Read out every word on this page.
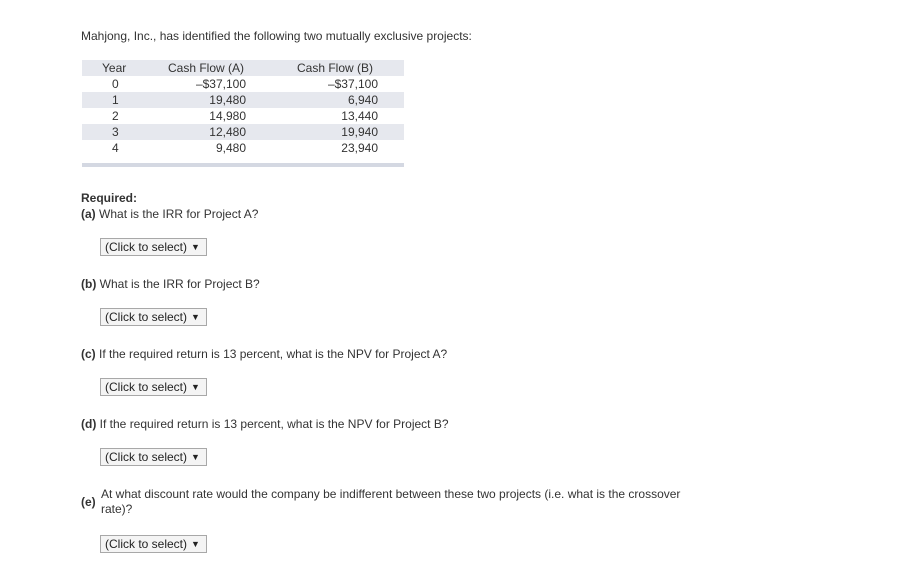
Mahjong, Inc., has identified the following two mutually exclusive projects:
Year	Cash Flow (A)	Cash Flow (B)
0	–$37,100	–$37,100
1	19,480	6,940
2	14,980	13,440
3	12,480	19,940
4	9,480	23,940
Required:
(a) What is the IRR for Project A?
(Click to select) ▼
(b) What is the IRR for Project B?
(Click to select) ▼
(c) If the required return is 13 percent, what is the NPV for Project A?
(Click to select) ▼
(d) If the required return is 13 percent, what is the NPV for Project B?
(Click to select) ▼
(e)
At what discount rate would the company be indifferent between these two projects (i.e. what is the crossover rate)?
(Click to select) ▼
